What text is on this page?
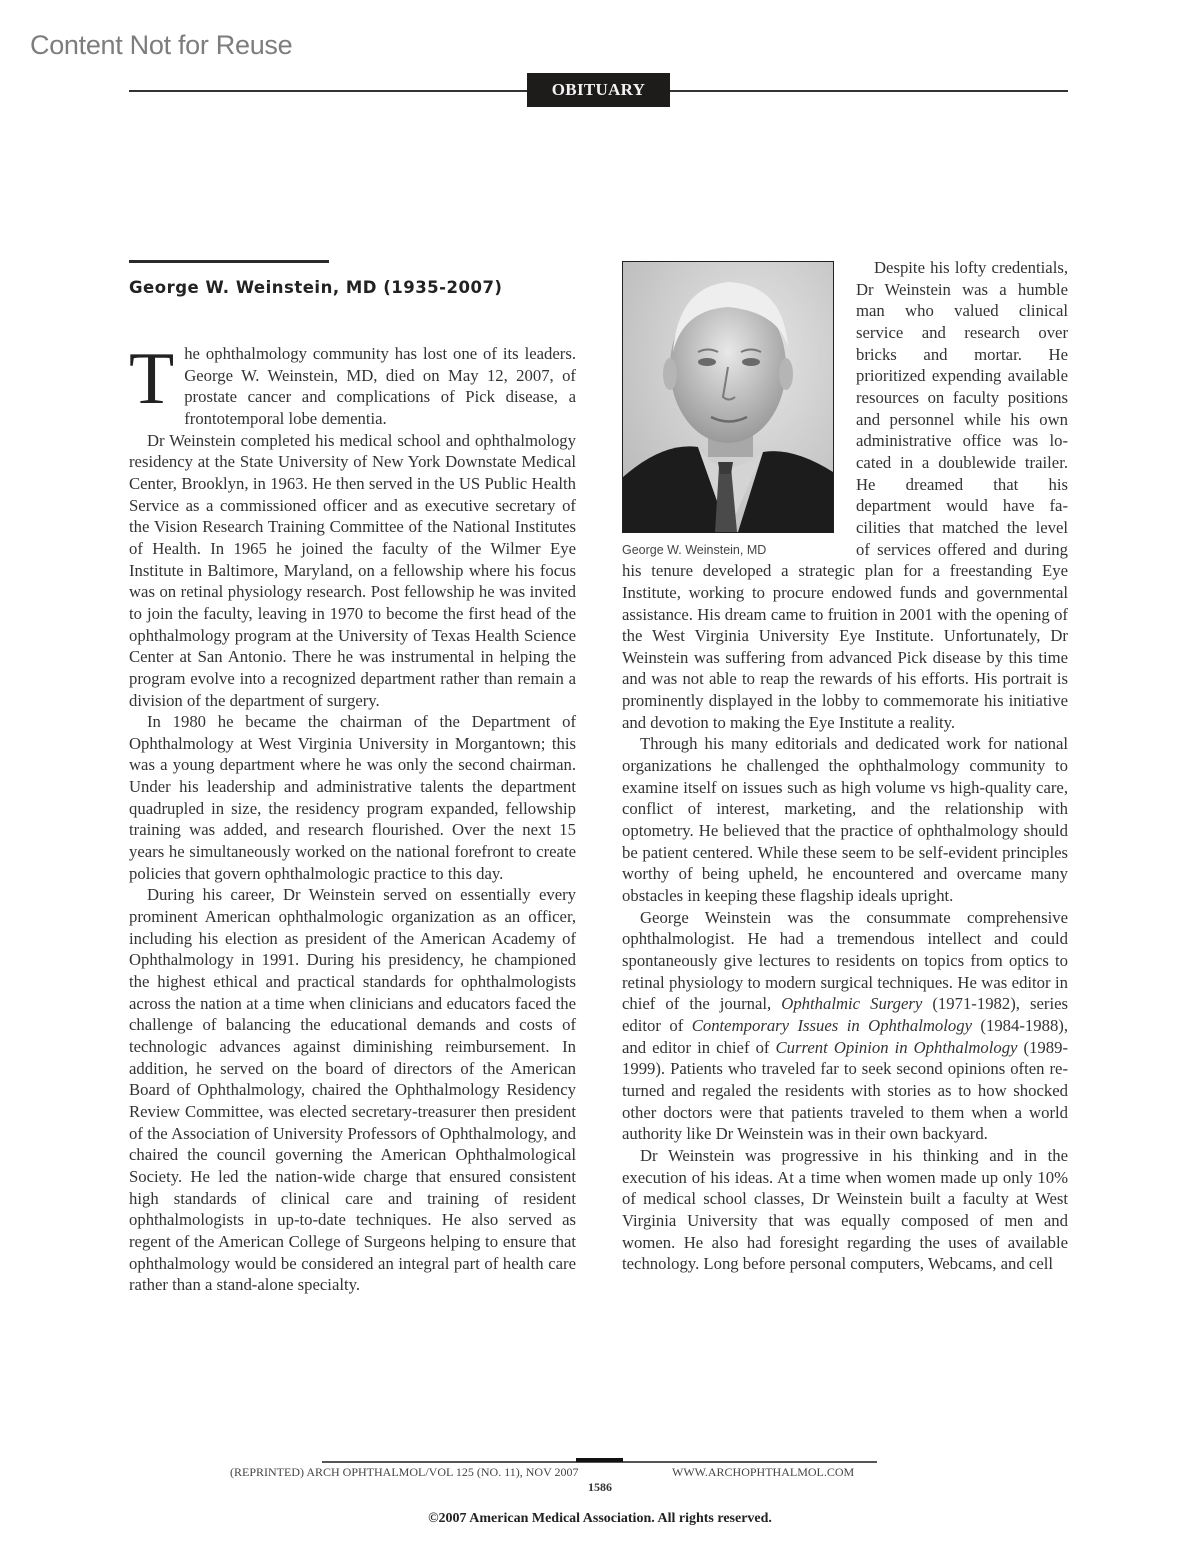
Content Not for Reuse
OBITUARY
George W. Weinstein, MD (1935-2007)

The ophthalmology community has lost one of its leaders. George W. Weinstein, MD, died on May 12, 2007, of prostate cancer and complications of Pick disease, a frontotemporal lobe dementia.

Dr Weinstein completed his medical school and ophthalmology residency at the State University of New York Downstate Medical Center, Brooklyn, in 1963. He then served in the US Public Health Service as a commissioned officer and as executive secretary of the Vision Research Training Committee of the National Institutes of Health. In 1965 he joined the faculty of the Wilmer Eye Institute in Baltimore, Maryland, on a fellowship where his focus was on retinal physiology research. Post fellowship he was invited to join the faculty, leaving in 1970 to become the first head of the ophthalmology program at the University of Texas Health Science Center at San Antonio. There he was instrumental in helping the program evolve into a recognized department rather than remain a division of the department of surgery.

In 1980 he became the chairman of the Department of Ophthalmology at West Virginia University in Morgantown; this was a young department where he was only the second chairman. Under his leadership and administrative talents the department quadrupled in size, the residency program expanded, fellowship training was added, and research flourished. Over the next 15 years he simultaneously worked on the national forefront to create policies that govern ophthalmologic practice to this day.

During his career, Dr Weinstein served on essentially every prominent American ophthalmologic organization as an officer, including his election as president of the American Academy of Ophthalmology in 1991. During his presidency, he championed the highest ethical and practical standards for ophthalmologists across the nation at a time when clinicians and educators faced the challenge of balancing the educational demands and costs of technologic advances against diminishing reimbursement. In addition, he served on the board of directors of the American Board of Ophthalmology, chaired the Ophthalmology Residency Review Committee, was elected secretary-treasurer then president of the Association of University Professors of Ophthalmology, and chaired the council governing the American Ophthalmological Society. He led the nation-wide charge that ensured consistent high standards of clinical care and training of resident ophthalmologists in up-to-date techniques. He also served as regent of the American College of Surgeons helping to ensure that ophthalmology would be considered an integral part of health care rather than a stand-alone specialty.

George W. Weinstein, MD

Despite his lofty credentials, Dr Weinstein was a humble man who valued clinical service and research over bricks and mortar. He prioritized expending available resources on faculty positions and personnel while his own administrative office was located in a doublewide trailer. He dreamed that his department would have facilities that matched the level of services offered and during his tenure developed a strategic plan for a freestanding Eye Institute, working to procure endowed funds and governmental assistance. His dream came to fruition in 2001 with the opening of the West Virginia University Eye Institute. Unfortunately, Dr Weinstein was suffering from advanced Pick disease by this time and was not able to reap the rewards of his efforts. His portrait is prominently displayed in the lobby to commemorate his initiative and devotion to making the Eye Institute a reality.

Through his many editorials and dedicated work for national organizations he challenged the ophthalmology community to examine itself on issues such as high volume vs high-quality care, conflict of interest, marketing, and the relationship with optometry. He believed that the practice of ophthalmology should be patient centered. While these seem to be self-evident principles worthy of being upheld, he encountered and overcame many obstacles in keeping these flagship ideals upright.

George Weinstein was the consummate comprehensive ophthalmologist. He had a tremendous intellect and could spontaneously give lectures to residents on topics from optics to retinal physiology to modern surgical techniques. He was editor in chief of the journal, Ophthalmic Surgery (1971-1982), series editor of Contemporary Issues in Ophthalmology (1984-1988), and editor in chief of Current Opinion in Ophthalmology (1989-1999). Patients who traveled far to seek second opinions often returned and regaled the residents with stories as to how shocked other doctors were that patients traveled to them when a world authority like Dr Weinstein was in their own backyard.

Dr Weinstein was progressive in his thinking and in the execution of his ideas. At a time when women made up only 10% of medical school classes, Dr Weinstein built a faculty at West Virginia University that was equally composed of men and women. He also had foresight regarding the uses of available technology. Long before personal computers, Webcams, and cell

(REPRINTED) ARCH OPHTHALMOL/VOL 125 (NO. 11), NOV 2007	WWW.ARCHOPHTHALMOL.COM
1586
©2007 American Medical Association. All rights reserved.
